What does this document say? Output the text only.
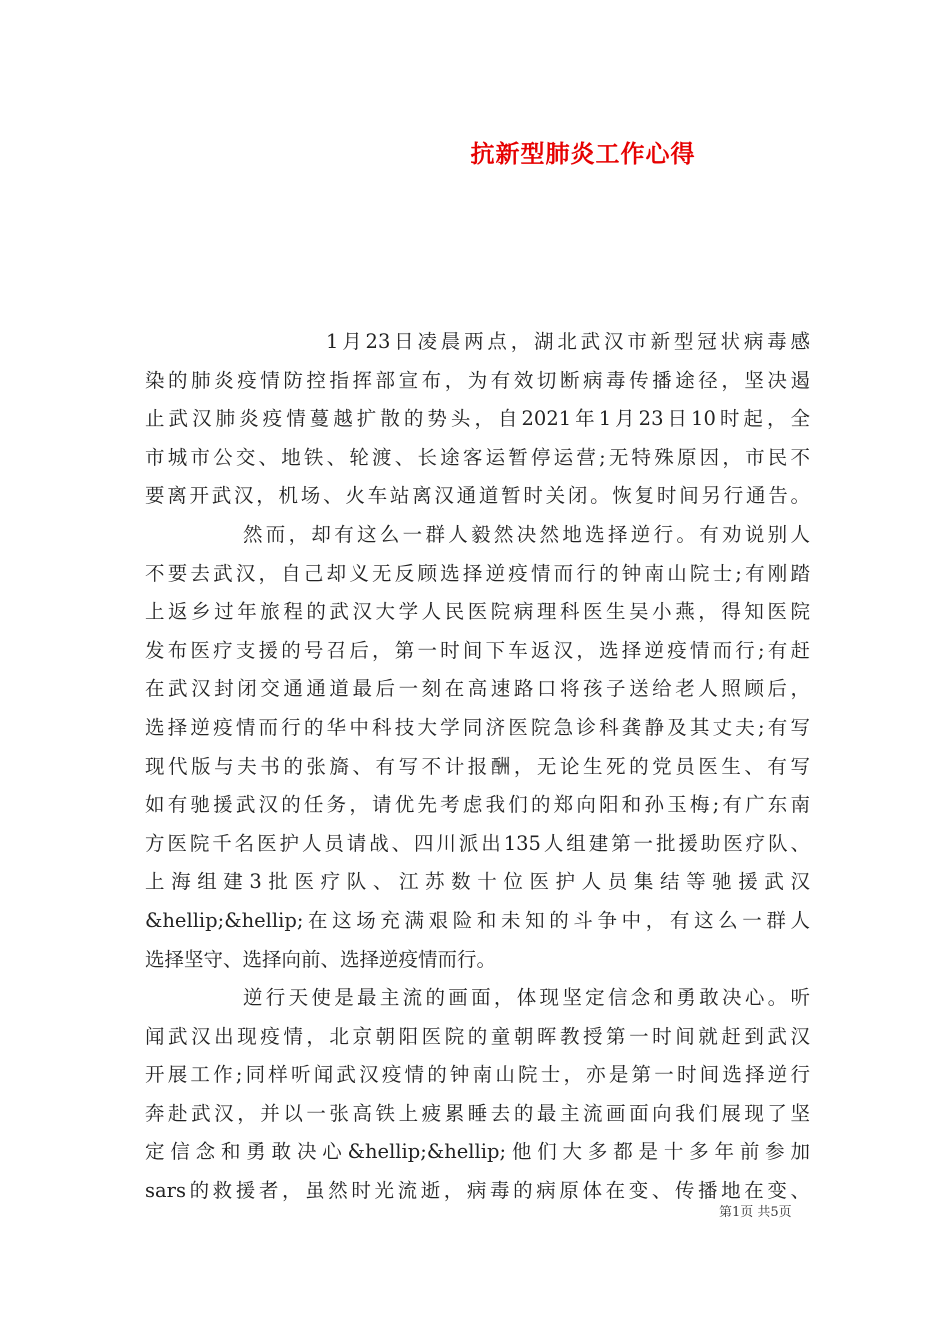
抗新型肺炎工作心得
1月23日凌晨两点，湖北武汉市新型冠状病毒感
染的肺炎疫情防控指挥部宣布，为有效切断病毒传播途径，坚决遏
止武汉肺炎疫情蔓越扩散的势头，自2021年1月23日10时起，全
市城市公交、地铁、轮渡、长途客运暂停运营;无特殊原因，市民不
要离开武汉，机场、火车站离汉通道暂时关闭。恢复时间另行通告。
然而，却有这么一群人毅然决然地选择逆行。有劝说别人
不要去武汉，自己却义无反顾选择逆疫情而行的钟南山院士;有刚踏
上返乡过年旅程的武汉大学人民医院病理科医生吴小燕，得知医院
发布医疗支援的号召后，第一时间下车返汉，选择逆疫情而行;有赶
在武汉封闭交通通道最后一刻在高速路口将孩子送给老人照顾后，
选择逆疫情而行的华中科技大学同济医院急诊科龚静及其丈夫;有写
现代版与夫书的张旖、有写不计报酬，无论生死的党员医生、有写
如有驰援武汉的任务，请优先考虑我们的郑向阳和孙玉梅;有广东南
方医院千名医护人员请战、四川派出135人组建第一批援助医疗队、
上海组建3批医疗队、江苏数十位医护人员集结等驰援武汉
&hellip;&hellip;在这场充满艰险和未知的斗争中，有这么一群人
选择坚守、选择向前、选择逆疫情而行。
逆行天使是最主流的画面，体现坚定信念和勇敢决心。听
闻武汉出现疫情，北京朝阳医院的童朝晖教授第一时间就赶到武汉
开展工作;同样听闻武汉疫情的钟南山院士，亦是第一时间选择逆行
奔赴武汉，并以一张高铁上疲累睡去的最主流画面向我们展现了坚
定信念和勇敢决心&hellip;&hellip;他们大多都是十多年前参加
sars的救援者，虽然时光流逝，病毒的病原体在变、传播地在变、
第1页 共5页
